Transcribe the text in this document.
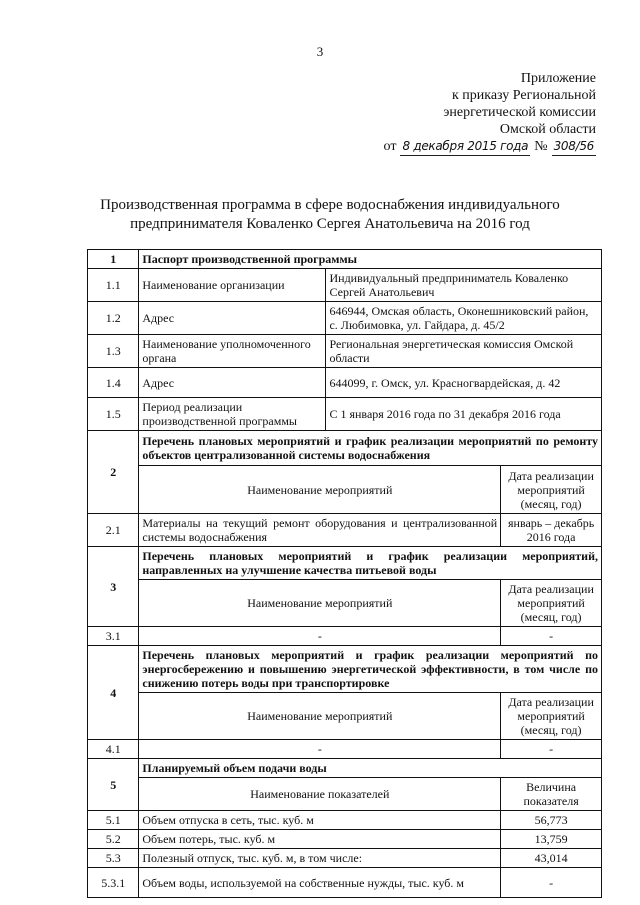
3
Приложение
к приказу Региональной
энергетической комиссии
Омской области
от 8 декабря 2015 года № 308/56
Производственная программа в сфере водоснабжения индивидуального
предпринимателя Коваленко Сергея Анатольевича на 2016 год
1	Паспорт производственной программы		
1.1	Наименование организации	Индивидуальный предприниматель Коваленко Сергей Анатольевич	
1.2	Адрес	646944, Омская область, Оконешниковский район, с. Любимовка, ул. Гайдара, д. 45/2	
1.3	Наименование уполномоченного органа	Региональная энергетическая комиссия Омской области	
1.4	Адрес	644099, г. Омск, ул. Красногвардейская, д. 42	
1.5	Период реализации производственной программы	С 1 января 2016 года по 31 декабря 2016 года	
2	Перечень плановых мероприятий и график реализации мероприятий по ремонту объектов централизованной системы водоснабжения		
	Наименование мероприятий		Дата реализации мероприятий (месяц, год)
2.1	Материалы на текущий ремонт оборудования и централизованной системы водоснабжения		январь – декабрь 2016 года
3	Перечень плановых мероприятий и график реализации мероприятий, направленных на улучшение качества питьевой воды		
	Наименование мероприятий		Дата реализации мероприятий (месяц, год)
3.1	-		-
4	Перечень плановых мероприятий и график реализации мероприятий по энергосбережению и повышению энергетической эффективности, в том числе по снижению потерь воды при транспортировке		
	Наименование мероприятий		Дата реализации мероприятий (месяц, год)
4.1	-		-
5	Планируемый объем подачи воды		
	Наименование показателей		Величина показателя
5.1	Объем отпуска в сеть, тыс. куб. м		56,773
5.2	Объем потерь, тыс. куб. м		13,759
5.3	Полезный отпуск, тыс. куб. м, в том числе:		43,014
5.3.1	Объем воды, используемой на собственные нужды, тыс. куб. м		-
